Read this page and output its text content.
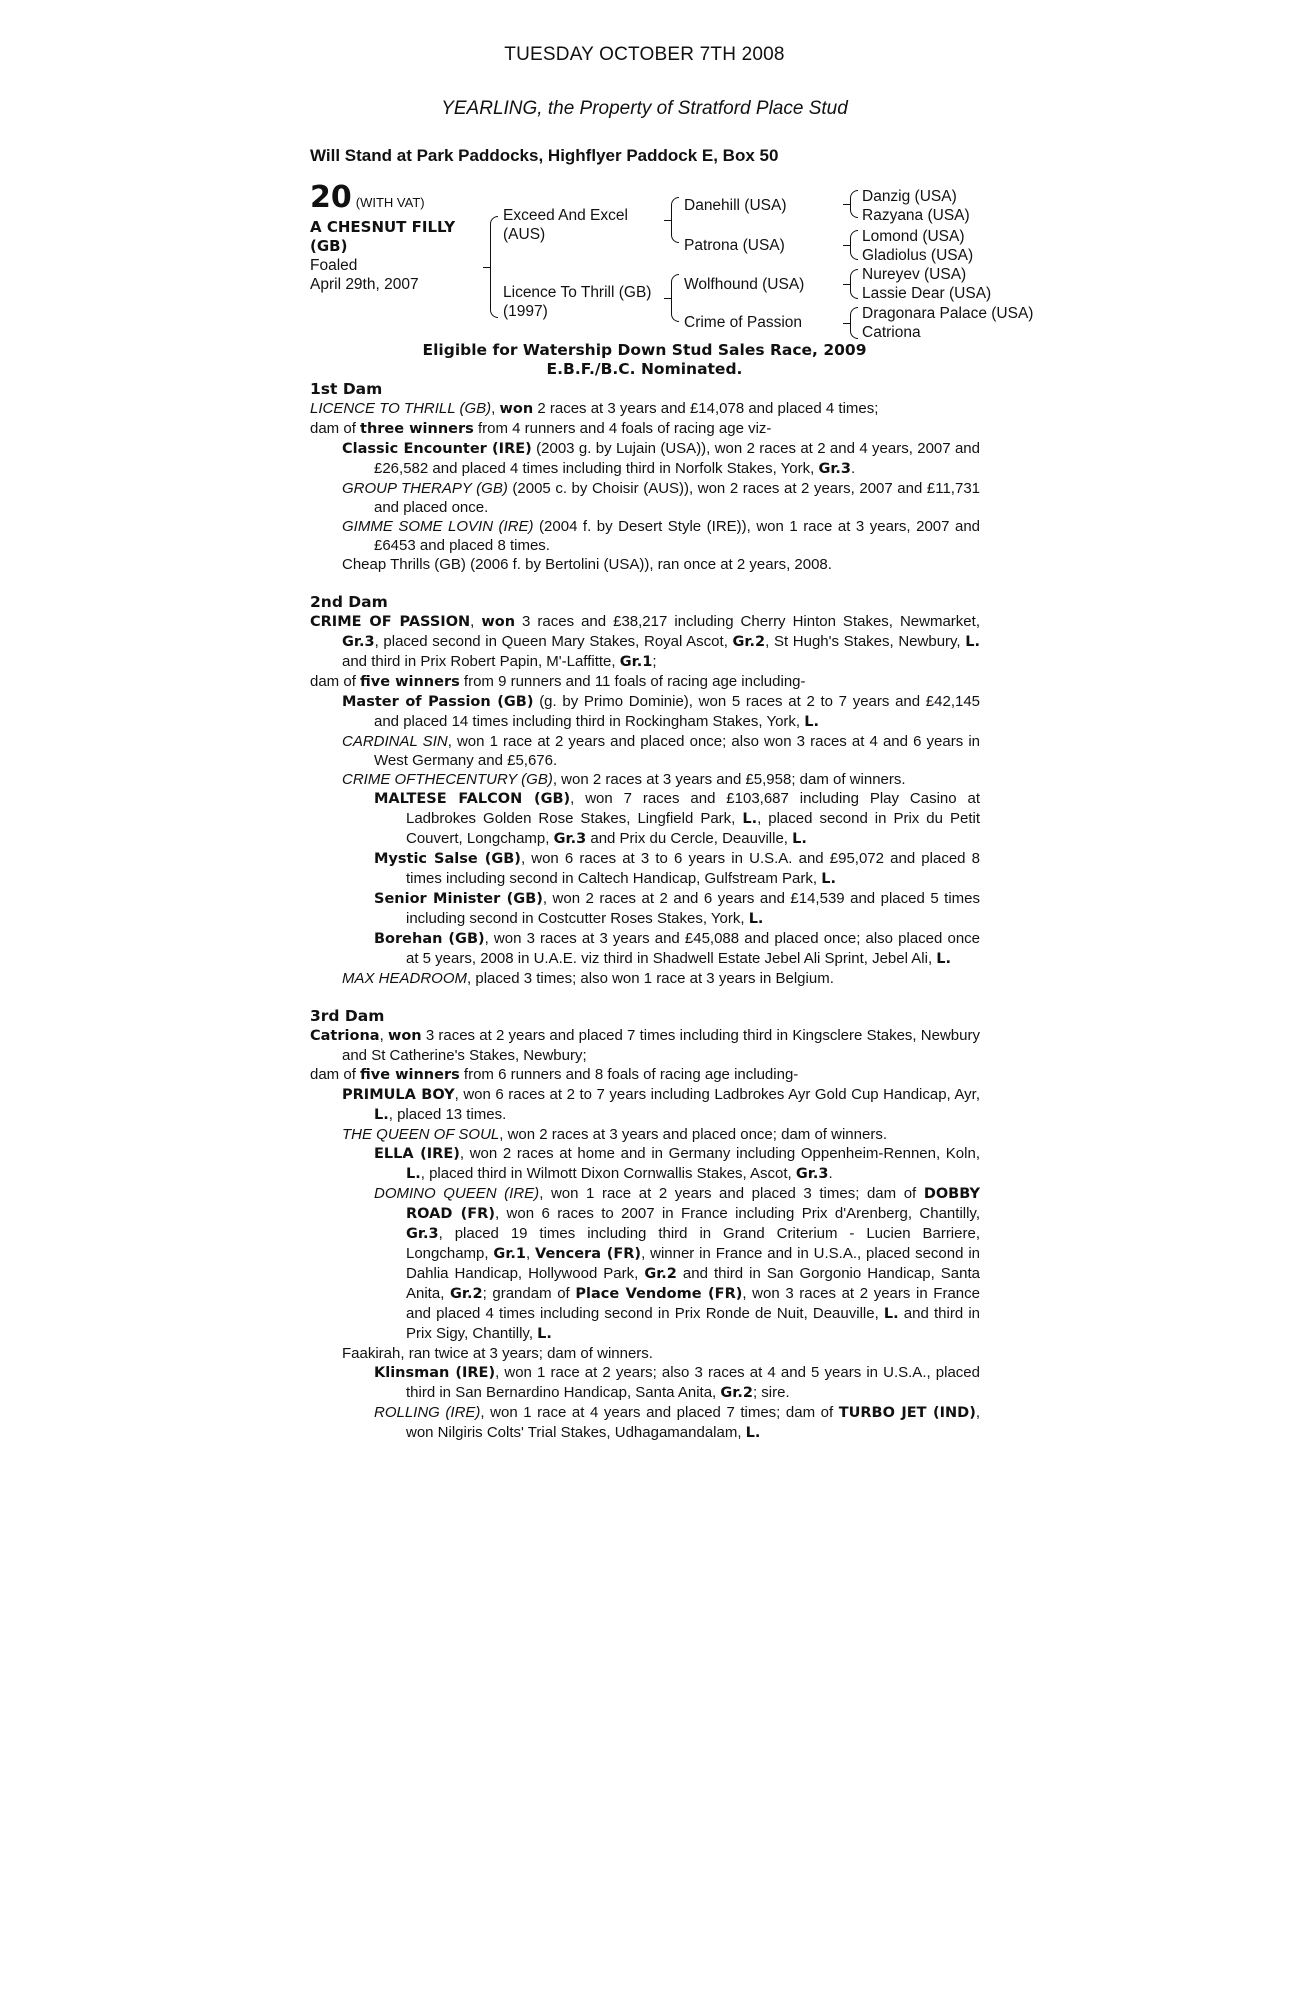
TUESDAY OCTOBER 7TH 2008
YEARLING, the Property of Stratford Place Stud
Will Stand at Park Paddocks, Highflyer Paddock E, Box 50
20 (WITH VAT)
A CHESNUT FILLY
(GB)
Foaled
April 29th, 2007
Exceed And Excel
(AUS)
Licence To Thrill (GB)
(1997)
Danehill (USA)
Patrona (USA)
Wolfhound (USA)
Crime of Passion
Danzig (USA)
Razyana (USA)
Lomond (USA)
Gladiolus (USA)
Nureyev (USA)
Lassie Dear (USA)
Dragonara Palace (USA)
Catriona
Eligible for Watership Down Stud Sales Race, 2009
E.B.F./B.C. Nominated.

1st Dam

LICENCE TO THRILL (GB), won 2 races at 3 years and £14,078 and placed 4 times;

dam of three winners from 4 runners and 4 foals of racing age viz-

Classic Encounter (IRE) (2003 g. by Lujain (USA)), won 2 races at 2 and 4 years, 2007 and £26,582 and placed 4 times including third in Norfolk Stakes, York, Gr.3.

GROUP THERAPY (GB) (2005 c. by Choisir (AUS)), won 2 races at 2 years, 2007 and £11,731 and placed once.

GIMME SOME LOVIN (IRE) (2004 f. by Desert Style (IRE)), won 1 race at 3 years, 2007 and £6453 and placed 8 times.

Cheap Thrills (GB) (2006 f. by Bertolini (USA)), ran once at 2 years, 2008.

2nd Dam

CRIME OF PASSION, won 3 races and £38,217 including Cherry Hinton Stakes, Newmarket, Gr.3, placed second in Queen Mary Stakes, Royal Ascot, Gr.2, St Hugh's Stakes, Newbury, L. and third in Prix Robert Papin, M'-Laffitte, Gr.1;

dam of five winners from 9 runners and 11 foals of racing age including-

Master of Passion (GB) (g. by Primo Dominie), won 5 races at 2 to 7 years and £42,145 and placed 14 times including third in Rockingham Stakes, York, L.

CARDINAL SIN, won 1 race at 2 years and placed once; also won 3 races at 4 and 6 years in West Germany and £5,676.

CRIME OFTHECENTURY (GB), won 2 races at 3 years and £5,958; dam of winners.

MALTESE FALCON (GB), won 7 races and £103,687 including Play Casino at Ladbrokes Golden Rose Stakes, Lingfield Park, L., placed second in Prix du Petit Couvert, Longchamp, Gr.3 and Prix du Cercle, Deauville, L.

Mystic Salse (GB), won 6 races at 3 to 6 years in U.S.A. and £95,072 and placed 8 times including second in Caltech Handicap, Gulfstream Park, L.

Senior Minister (GB), won 2 races at 2 and 6 years and £14,539 and placed 5 times including second in Costcutter Roses Stakes, York, L.

Borehan (GB), won 3 races at 3 years and £45,088 and placed once; also placed once at 5 years, 2008 in U.A.E. viz third in Shadwell Estate Jebel Ali Sprint, Jebel Ali, L.

MAX HEADROOM, placed 3 times; also won 1 race at 3 years in Belgium.

3rd Dam

Catriona, won 3 races at 2 years and placed 7 times including third in Kingsclere Stakes, Newbury and St Catherine's Stakes, Newbury;

dam of five winners from 6 runners and 8 foals of racing age including-

PRIMULA BOY, won 6 races at 2 to 7 years including Ladbrokes Ayr Gold Cup Handicap, Ayr, L., placed 13 times.

THE QUEEN OF SOUL, won 2 races at 3 years and placed once; dam of winners.

ELLA (IRE), won 2 races at home and in Germany including Oppenheim-Rennen, Koln, L., placed third in Wilmott Dixon Cornwallis Stakes, Ascot, Gr.3.

DOMINO QUEEN (IRE), won 1 race at 2 years and placed 3 times; dam of DOBBY ROAD (FR), won 6 races to 2007 in France including Prix d'Arenberg, Chantilly, Gr.3, placed 19 times including third in Grand Criterium - Lucien Barriere, Longchamp, Gr.1, Vencera (FR), winner in France and in U.S.A., placed second in Dahlia Handicap, Hollywood Park, Gr.2 and third in San Gorgonio Handicap, Santa Anita, Gr.2; grandam of Place Vendome (FR), won 3 races at 2 years in France and placed 4 times including second in Prix Ronde de Nuit, Deauville, L. and third in Prix Sigy, Chantilly, L.

Faakirah, ran twice at 3 years; dam of winners.

Klinsman (IRE), won 1 race at 2 years; also 3 races at 4 and 5 years in U.S.A., placed third in San Bernardino Handicap, Santa Anita, Gr.2; sire.

ROLLING (IRE), won 1 race at 4 years and placed 7 times; dam of TURBO JET (IND), won Nilgiris Colts' Trial Stakes, Udhagamandalam, L.
